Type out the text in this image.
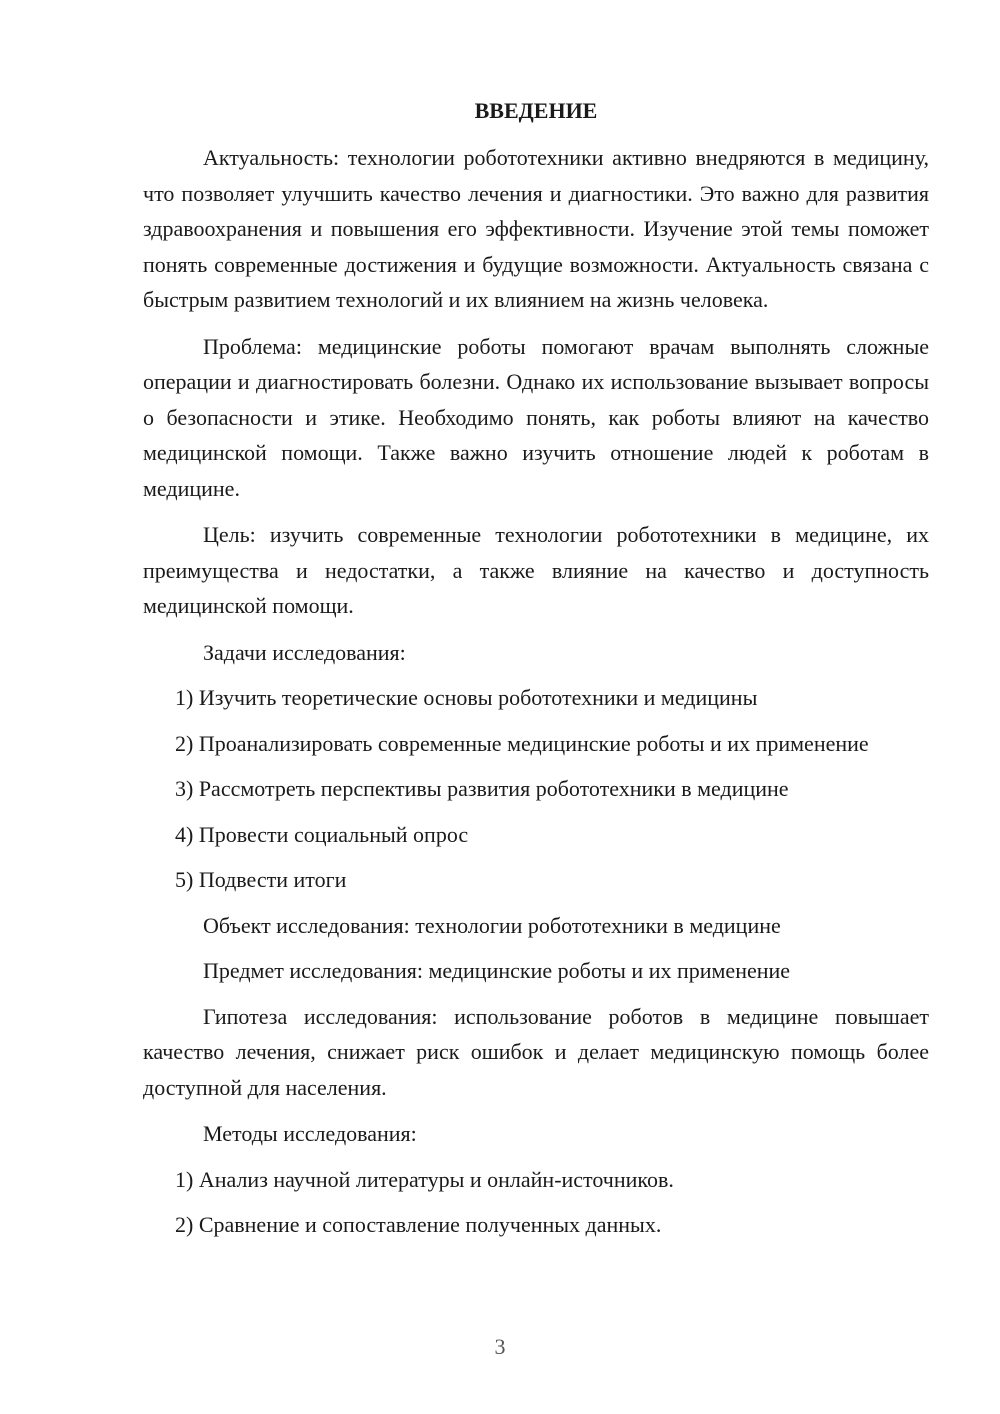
ВВЕДЕНИЕ

Актуальность: технологии робототехники активно внедряются в медицину, что позволяет улучшить качество лечения и диагностики. Это важно для развития здравоохранения и повышения его эффективности. Изучение этой темы поможет понять современные достижения и будущие возможности. Актуальность связана с быстрым развитием технологий и их влиянием на жизнь человека.

Проблема: медицинские роботы помогают врачам выполнять сложные операции и диагностировать болезни. Однако их использование вызывает вопросы о безопасности и этике. Необходимо понять, как роботы влияют на качество медицинской помощи. Также важно изучить отношение людей к роботам в медицине.

Цель: изучить современные технологии робототехники в медицине, их преимущества и недостатки, а также влияние на качество и доступность медицинской помощи.

Задачи исследования:

1) Изучить теоретические основы робототехники и медицины

2) Проанализировать современные медицинские роботы и их применение

3) Рассмотреть перспективы развития робототехники в медицине

4) Провести социальный опрос

5) Подвести итоги

Объект исследования: технологии робототехники в медицине

Предмет исследования: медицинские роботы и их применение

Гипотеза исследования: использование роботов в медицине повышает качество лечения, снижает риск ошибок и делает медицинскую помощь более доступной для населения.

Методы исследования:

1) Анализ научной литературы и онлайн-источников.

2) Сравнение и сопоставление полученных данных.

3
